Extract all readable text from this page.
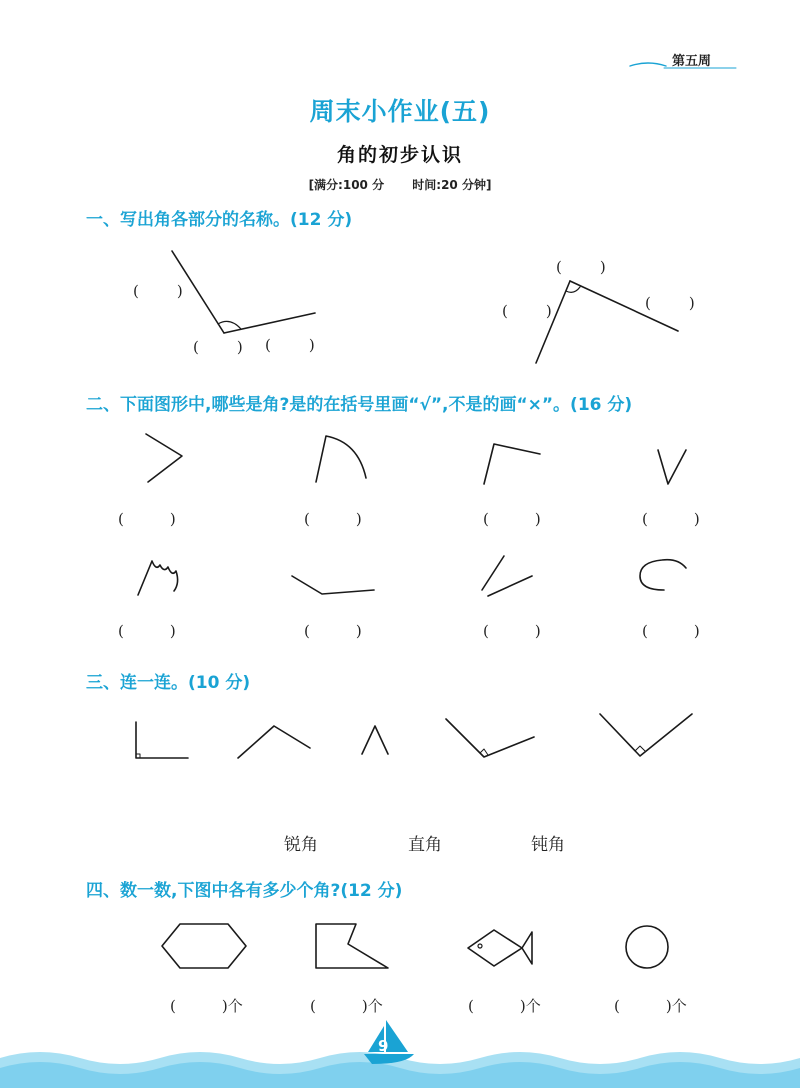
第五周
周末小作业(五)
角的初步认识
[满分:100 分 时间:20 分钟]
一、写出角各部分的名称。(12 分)
(	)
(	) (	)
(	)
(	)	(	)
二、下面图形中,哪些是角?是的在括号里画“√”,不是的画“×”。(16 分)
(	)	(	)	(	)	(	)
(	)	(	)	(	)	(	)
三、连一连。(10 分)
锐角	直角	钝角
四、数一数,下图中各有多少个角?(12 分)
(	)个	(	)个	(	)个	(	)个
9
